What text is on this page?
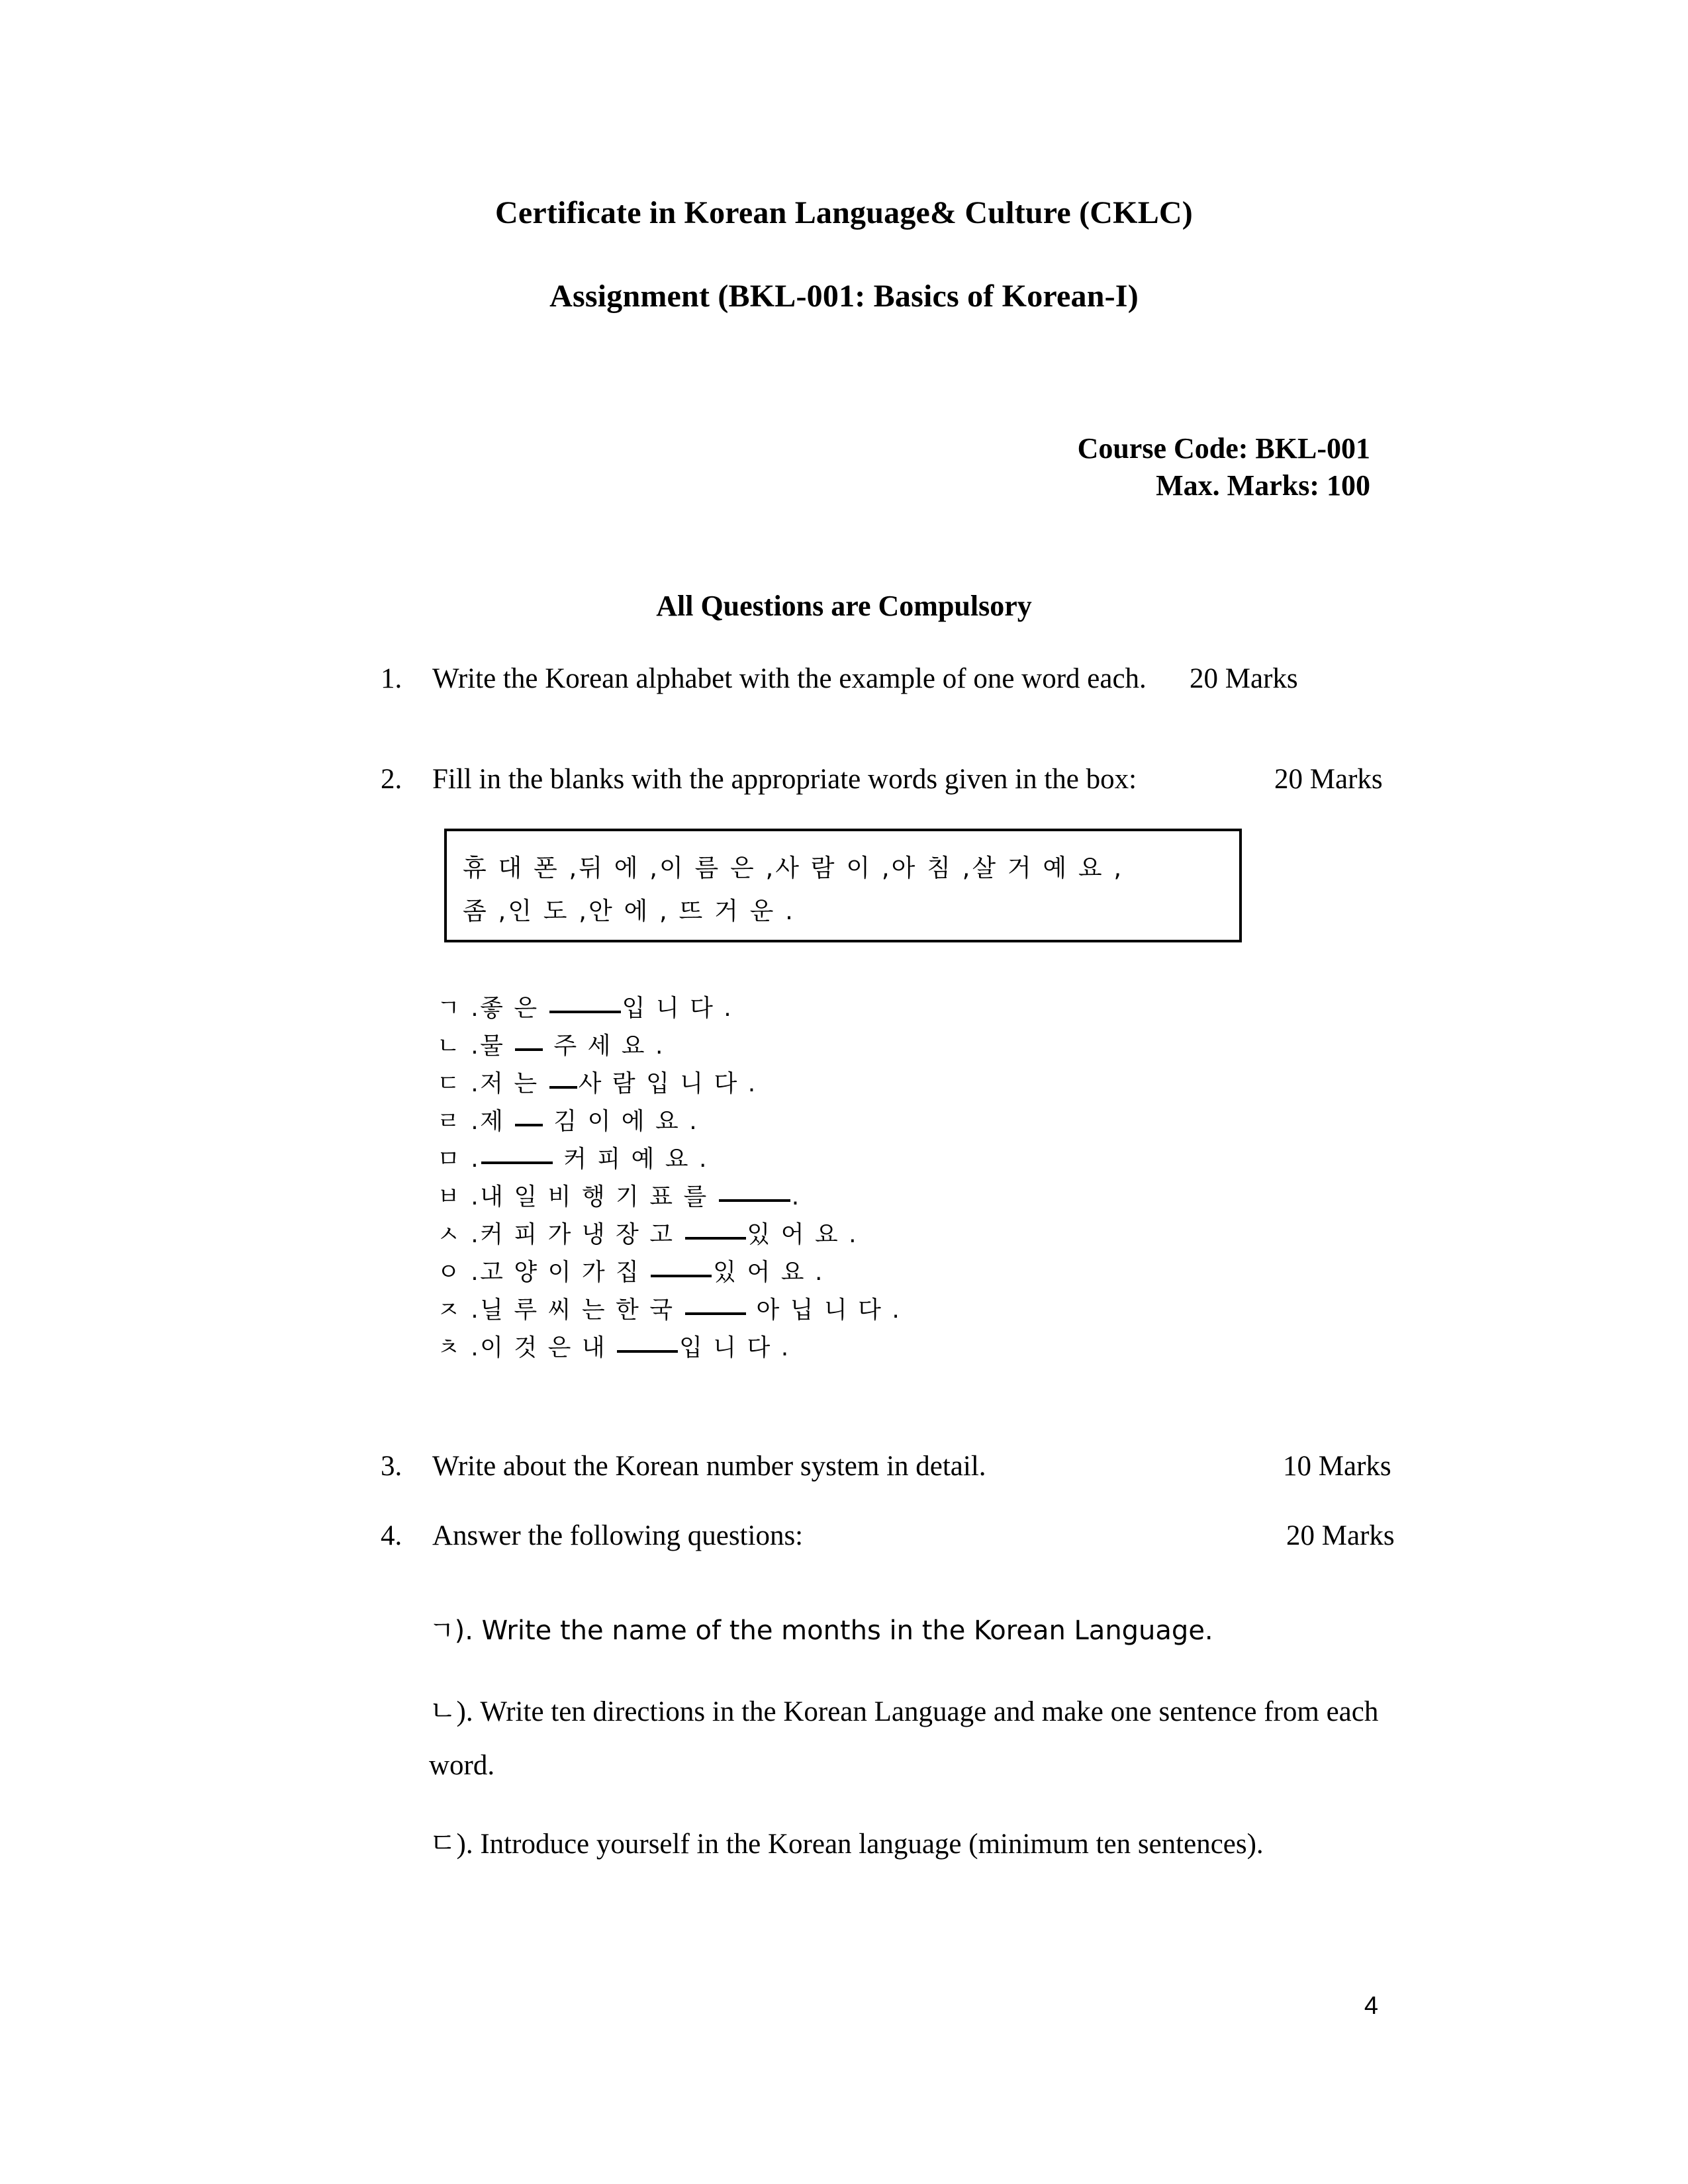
Certificate in Korean Language& Culture (CKLC)
Assignment (BKL-001: Basics of Korean-I)
Course Code: BKL-001
Max. Marks: 100
All Questions are Compulsory
1.	Write the Korean alphabet with the example of one word each. 20 Marks
2.	Fill in the blanks with the appropriate words given in the box:	20 Marks
휴 대 폰 ,뒤 에 ,이 름 은 ,사 람 이 ,아 침 ,살 거 예 요 ,
좀 ,인 도 ,안 에 , 뜨 거 운 .
ㄱ .좋 은	입 니 다 .
ㄴ .물  주 세 요 .
ㄷ .저 는 사 람 입 니 다 .
ㄹ .제  김 이 에 요 .
ㅁ .	커 피 예 요 .
ㅂ .내 일 비 행 기 표 를	.
ㅅ .커 피 가 냉 장 고	있 어 요 .
ㅇ .고 양 이 가 집	있 어 요 .
ㅈ .닐 루 씨 는 한 국	아 닙 니 다 .
ㅊ .이 것 은 내	입 니 다 .
3.	Write about the Korean number system in detail.	10 Marks
4.	Answer the following questions:	20 Marks
ㄱ). Write the name of the months in the Korean Language.
ㄴ). Write ten directions in the Korean Language and make one sentence from each
word.
ㄷ). Introduce yourself in the Korean language (minimum ten sentences).
4
